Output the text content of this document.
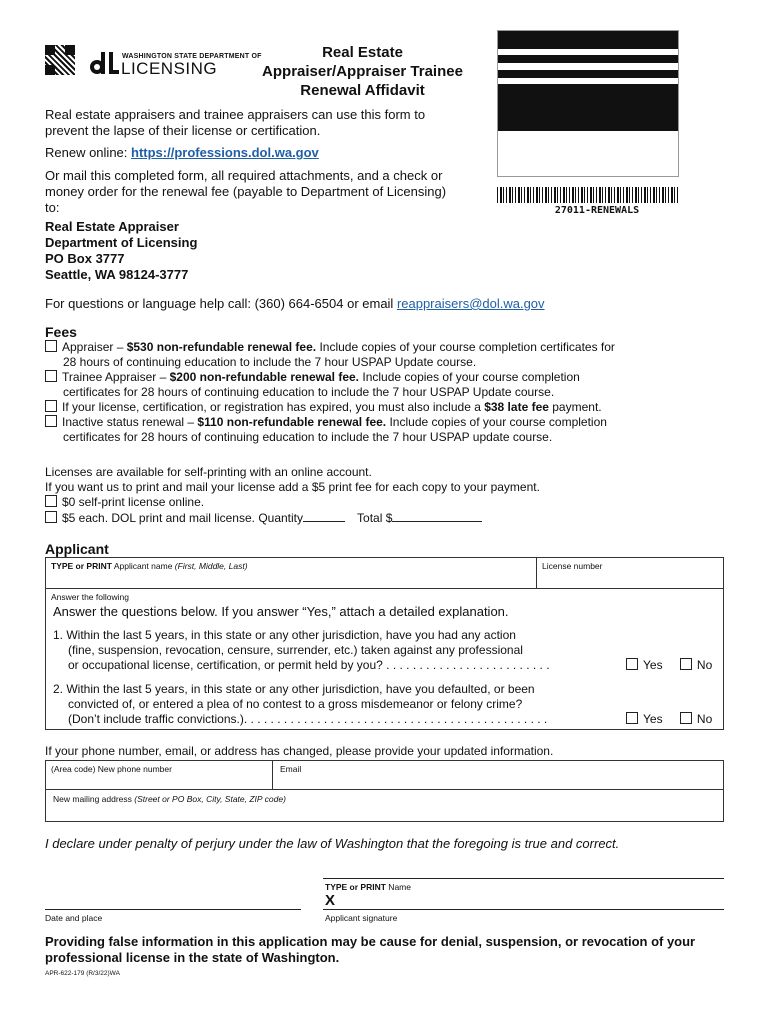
WASHINGTON STATE DEPARTMENT OF
LICENSING
Real Estate
Appraiser/Appraiser Trainee
Renewal Affidavit
27011-RENEWALS
Real estate appraisers and trainee appraisers can use this form to prevent the lapse of their license or certification.
Renew online: https://professions.dol.wa.gov
Or mail this completed form, all required attachments, and a check or money order for the renewal fee (payable to Department of Licensing) to:
Real Estate Appraiser
Department of Licensing
PO Box 3777
Seattle, WA 98124-3777
For questions or language help call: (360) 664-6504 or email reappraisers@dol.wa.gov
Fees
Appraiser – $530 non-refundable renewal fee. Include copies of your course completion certificates for
28 hours of continuing education to include the 7 hour USPAP Update course.
Trainee Appraiser – $200 non-refundable renewal fee. Include copies of your course completion
certificates for 28 hours of continuing education to include the 7 hour USPAP Update course.
If your license, certification, or registration has expired, you must also include a $38 late fee payment.
Inactive status renewal – $110 non-refundable renewal fee. Include copies of your course completion
certificates for 28 hours of continuing education to include the 7 hour USPAP update course.
Licenses are available for self-printing with an online account.
If you want us to print and mail your license add a $5 print fee for each copy to your payment.
$0 self-print license online.
$5 each. DOL print and mail license. Quantity	Total $
Applicant
TYPE or PRINT Applicant name (First, Middle, Last)	License number
Answer the following
Answer the questions below. If you answer “Yes,” attach a detailed explanation.
1. Within the last 5 years, in this state or any other jurisdiction, have you had any action
(fine, suspension, revocation, censure, surrender, etc.) taken against any professional
or occupational license, certification, or permit held by you? . . . . . . . . . . . . . . . . . . . . . . . . .	Yes	No
2. Within the last 5 years, in this state or any other jurisdiction, have you defaulted, or been
convicted of, or entered a plea of no contest to a gross misdemeanor or felony crime?
(Don’t include traffic convictions.). . . . . . . . . . . . . . . . . . . . . . . . . . . . . . . . . . . . . . . . . . . . . .	Yes	No
If your phone number, email, or address has changed, please provide your updated information.
(Area code) New phone number	Email
New mailing address (Street or PO Box, City, State, ZIP code)
I declare under penalty of perjury under the law of Washington that the foregoing is true and correct.
TYPE or PRINT Name
X
Date and place	Applicant signature
Providing false information in this application may be cause for denial, suspension, or revocation of your professional license in the state of Washington.
APR-622-179 (R/3/22)WA
